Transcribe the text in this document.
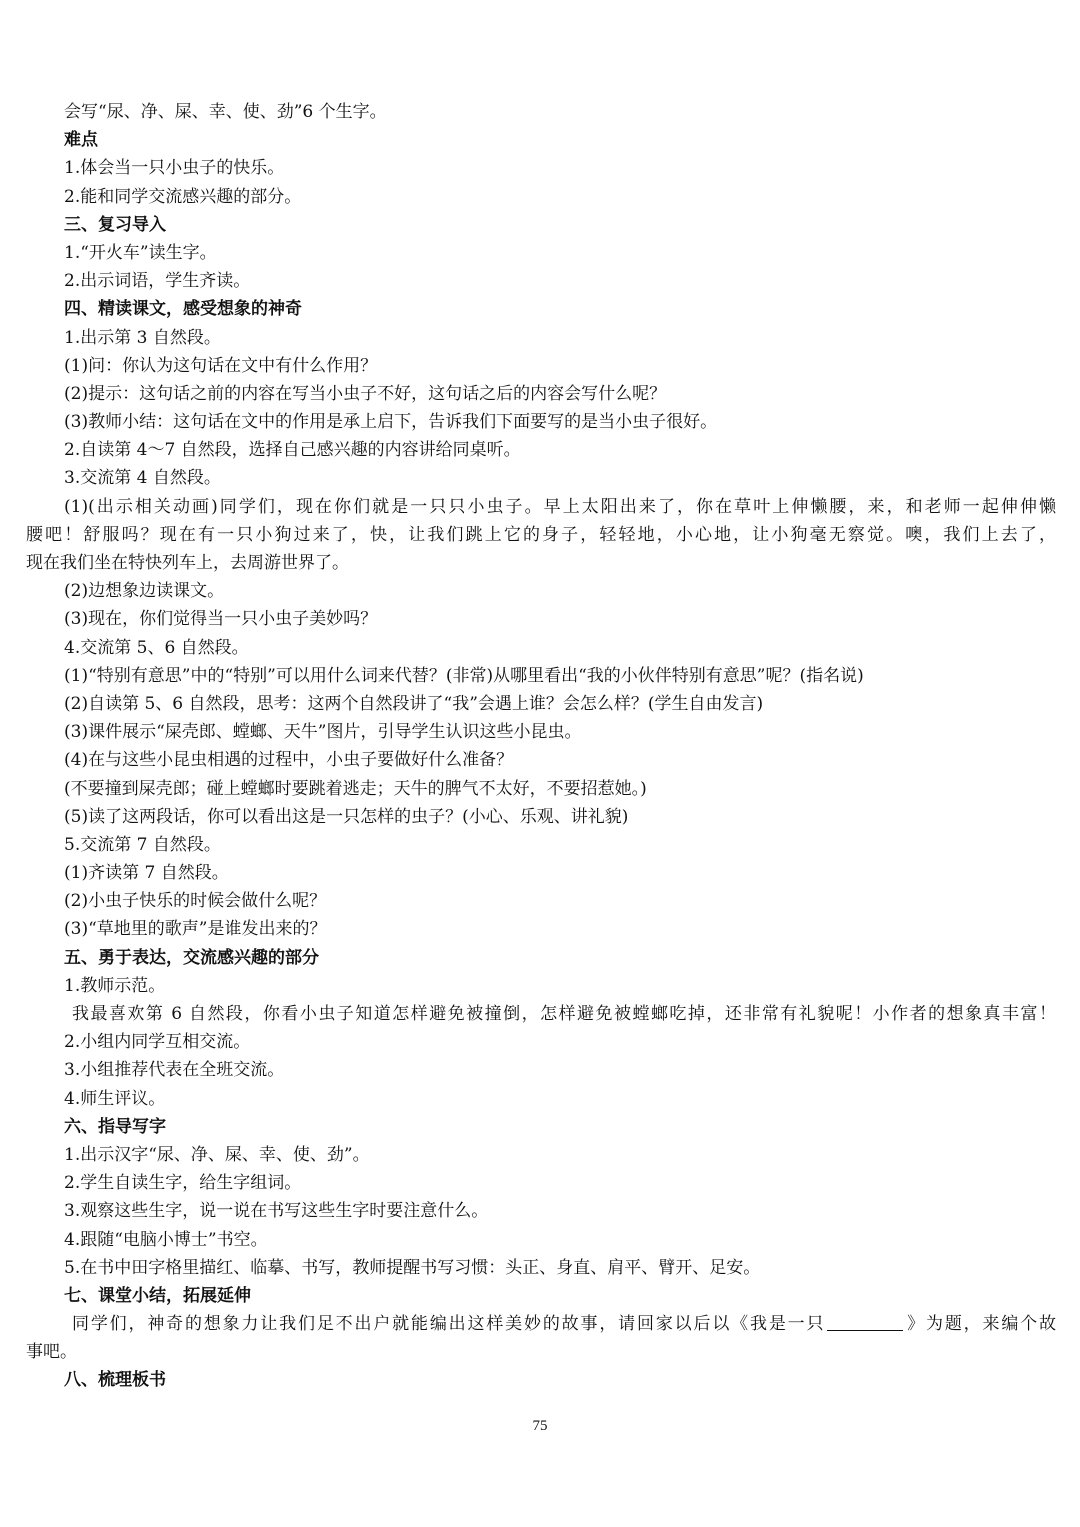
会写“尿、净、屎、幸、使、劲”6 个生字。
难点
1.体会当一只小虫子的快乐。
2.能和同学交流感兴趣的部分。
三、复习导入
1.“开火车”读生字。
2.出示词语，学生齐读。
四、精读课文，感受想象的神奇
1.出示第 3 自然段。
(1)问：你认为这句话在文中有什么作用？
(2)提示：这句话之前的内容在写当小虫子不好，这句话之后的内容会写什么呢？
(3)教师小结：这句话在文中的作用是承上启下，告诉我们下面要写的是当小虫子很好。
2.自读第 4～7 自然段，选择自己感兴趣的内容讲给同桌听。
3.交流第 4 自然段。
(1)(出示相关动画)同学们，现在你们就是一只只小虫子。早上太阳出来了，你在草叶上伸懒腰，来，和老师一起伸伸懒
腰吧！舒服吗？现在有一只小狗过来了，快，让我们跳上它的身子，轻轻地，小心地，让小狗毫无察觉。噢，我们上去了，
现在我们坐在特快列车上，去周游世界了。
(2)边想象边读课文。
(3)现在，你们觉得当一只小虫子美妙吗？
4.交流第 5、6 自然段。
(1)“特别有意思”中的“特别”可以用什么词来代替？(非常)从哪里看出“我的小伙伴特别有意思”呢？(指名说)
(2)自读第 5、6 自然段，思考：这两个自然段讲了“我”会遇上谁？会怎么样？(学生自由发言)
(3)课件展示“屎壳郎、螳螂、天牛”图片，引导学生认识这些小昆虫。
(4)在与这些小昆虫相遇的过程中，小虫子要做好什么准备？
(不要撞到屎壳郎；碰上螳螂时要跳着逃走；天牛的脾气不太好，不要招惹她。)
(5)读了这两段话，你可以看出这是一只怎样的虫子？(小心、乐观、讲礼貌)
5.交流第 7 自然段。
(1)齐读第 7 自然段。
(2)小虫子快乐的时候会做什么呢？
(3)“草地里的歌声”是谁发出来的？
五、勇于表达，交流感兴趣的部分
1.教师示范。
我最喜欢第 6 自然段，你看小虫子知道怎样避免被撞倒，怎样避免被螳螂吃掉，还非常有礼貌呢！小作者的想象真丰富！
2.小组内同学互相交流。
3.小组推荐代表在全班交流。
4.师生评议。
六、指导写字
1.出示汉字“尿、净、屎、幸、使、劲”。
2.学生自读生字，给生字组词。
3.观察这些生字，说一说在书写这些生字时要注意什么。
4.跟随“电脑小博士”书空。
5.在书中田字格里描红、临摹、书写，教师提醒书写习惯：头正、身直、肩平、臂开、足安。
七、课堂小结，拓展延伸
同学们，神奇的想象力让我们足不出户就能编出这样美妙的故事，请回家以后以《我是一只	》为题，来编个故
事吧。
八、梳理板书
75
